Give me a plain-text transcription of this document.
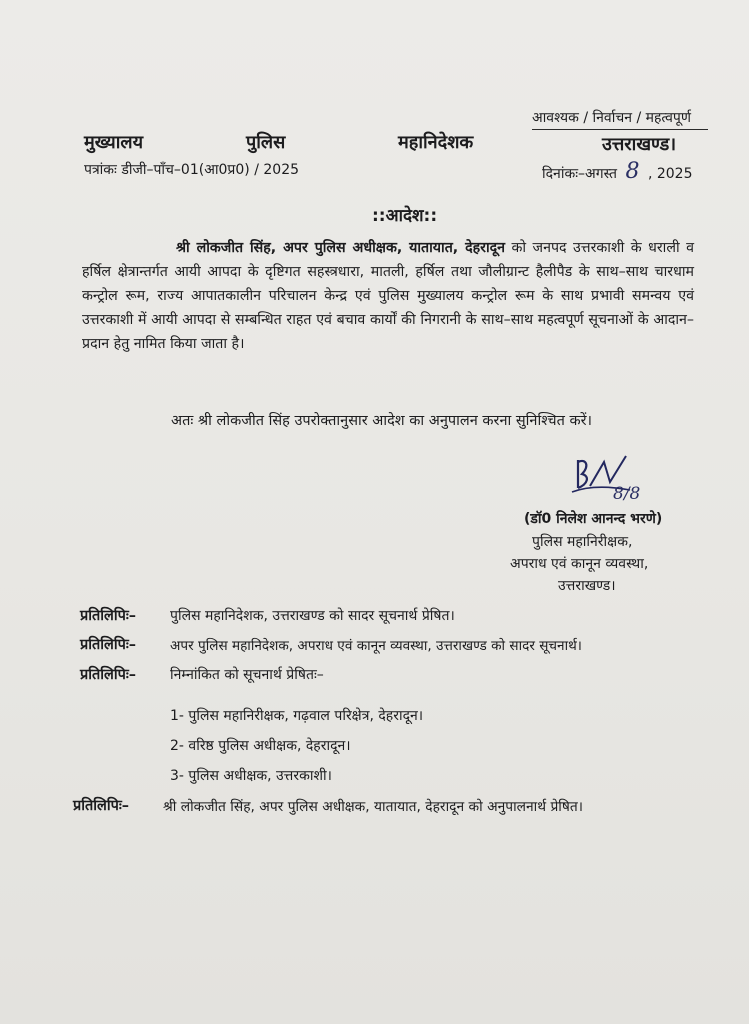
आवश्यक / निर्वाचन / महत्वपूर्ण
मुख्यालय	पुलिस	महानिदेशक	उत्तराखण्ड।
पत्रांकः डीजी–पाँच–01(आ0प्र0) / 2025	दिनांकः–अगस्त 8 , 2025
::आदेश::
श्री लोकजीत सिंह, अपर पुलिस अधीक्षक, यातायात, देहरादून को जनपद उत्तरकाशी के धराली व हर्षिल क्षेत्रान्तर्गत आयी आपदा के दृष्टिगत सहस्त्रधारा, मातली, हर्षिल तथा जौलीग्रान्ट हैलीपैड के साथ–साथ चारधाम कन्ट्रोल रूम, राज्य आपातकालीन परिचालन केन्द्र एवं पुलिस मुख्यालय कन्ट्रोल रूम के साथ प्रभावी समन्वय एवं उत्तरकाशी में आयी आपदा से सम्बन्धित राहत एवं बचाव कार्यों की निगरानी के साथ–साथ महत्वपूर्ण सूचनाओं के आदान–प्रदान हेतु नामित किया जाता है।
अतः श्री लोकजीत सिंह उपरोक्तानुसार आदेश का अनुपालन करना सुनिश्चित करें।
8/8
(डॉ0 निलेश आनन्द भरणे)
पुलिस महानिरीक्षक,
अपराध एवं कानून व्यवस्था,
उत्तराखण्ड।
प्रतिलिपिः– पुलिस महानिदेशक, उत्तराखण्ड को सादर सूचनार्थ प्रेषित।
प्रतिलिपिः– अपर पुलिस महानिदेशक, अपराध एवं कानून व्यवस्था, उत्तराखण्ड को सादर सूचनार्थ।
प्रतिलिपिः– निम्नांकित को सूचनार्थ प्रेषितः–
1- पुलिस महानिरीक्षक, गढ़वाल परिक्षेत्र, देहरादून।
2- वरिष्ठ पुलिस अधीक्षक, देहरादून।
3- पुलिस अधीक्षक, उत्तरकाशी।
प्रतिलिपिः– श्री लोकजीत सिंह, अपर पुलिस अधीक्षक, यातायात, देहरादून को अनुपालनार्थ प्रेषित।
